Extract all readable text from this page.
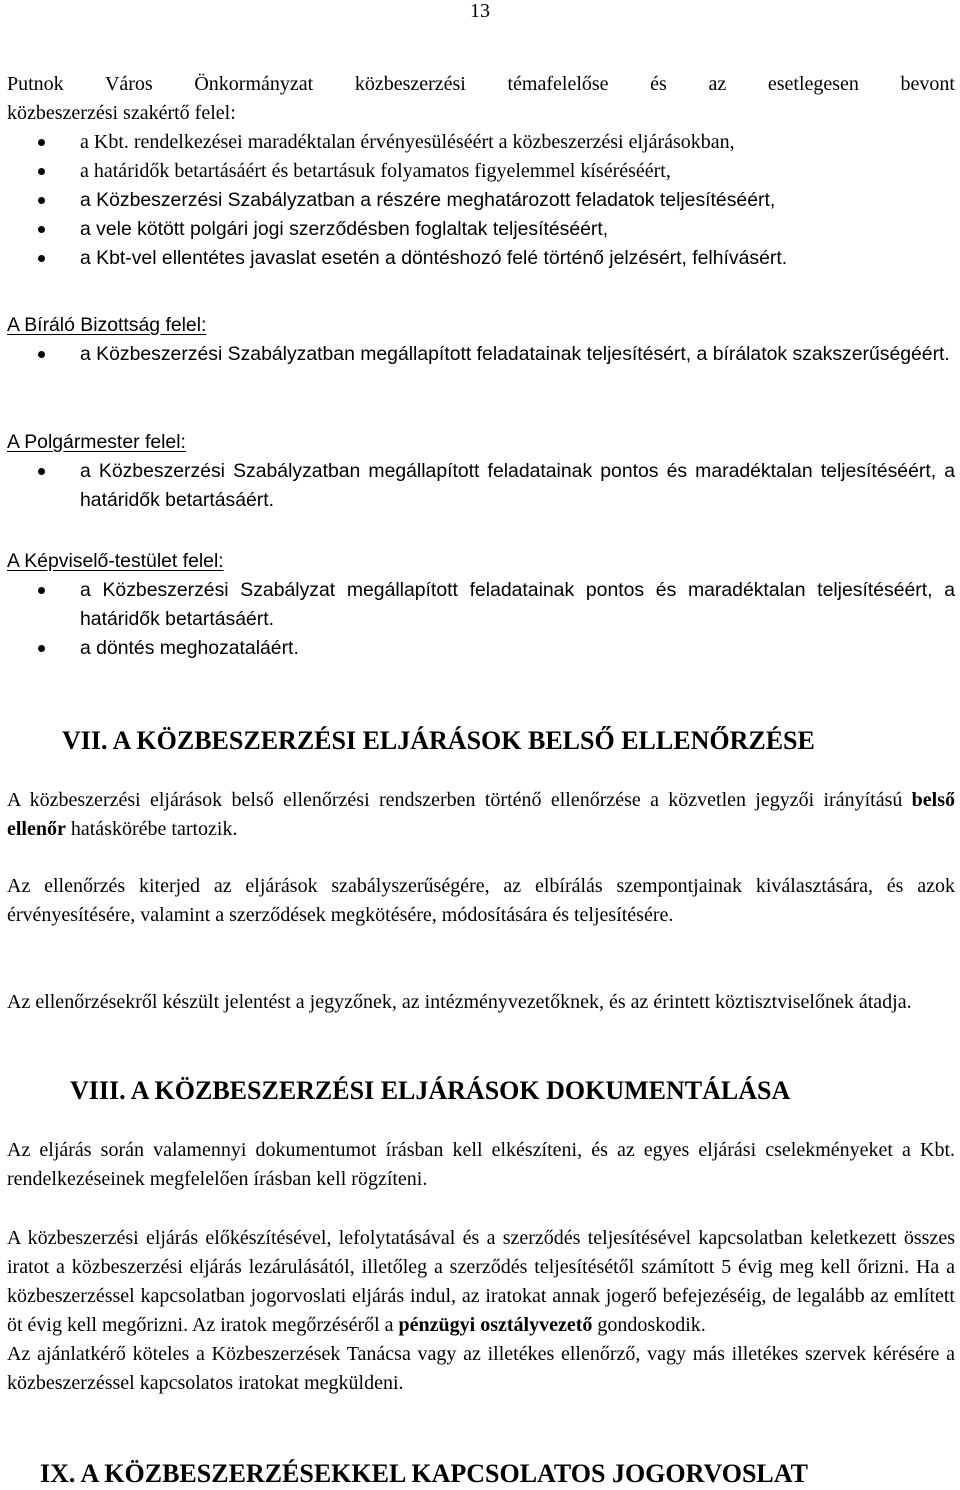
13

Putnok Város Önkormányzat közbeszerzési témafelelőse és az esetlegesen bevont

közbeszerzési szakértő felel:

a Kbt. rendelkezései maradéktalan érvényesüléséért a közbeszerzési eljárásokban,
a határidők betartásáért és betartásuk folyamatos figyelemmel kíséréséért,
a Közbeszerzési Szabályzatban a részére meghatározott feladatok teljesítéséért,
a vele kötött polgári jogi szerződésben foglaltak teljesítéséért,
a Kbt-vel ellentétes javaslat esetén a döntéshozó felé történő jelzésért, felhívásért.

A Bíráló Bizottság felel:

a Közbeszerzési Szabályzatban megállapított feladatainak teljesítésért, a bírálatok szakszerűségéért.

A Polgármester felel:

a Közbeszerzési Szabályzatban megállapított feladatainak pontos és maradéktalan teljesítéséért, a határidők betartásáért.

A Képviselő-testület felel:

a Közbeszerzési Szabályzat megállapított feladatainak pontos és maradéktalan teljesítéséért, a határidők betartásáért.
a döntés meghozataláért.
VII. A KÖZBESZERZÉSI ELJÁRÁSOK BELSŐ ELLENŐRZÉSE

A közbeszerzési eljárások belső ellenőrzési rendszerben történő ellenőrzése a közvetlen jegyzői irányítású belső ellenőr hatáskörébe tartozik.

Az ellenőrzés kiterjed az eljárások szabályszerűségére, az elbírálás szempontjainak kiválasztására, és azok érvényesítésére, valamint a szerződések megkötésére, módosítására és teljesítésére.

Az ellenőrzésekről készült jelentést a jegyzőnek, az intézményvezetőknek, és az érintett köztisztviselőnek átadja.

VIII. A KÖZBESZERZÉSI ELJÁRÁSOK DOKUMENTÁLÁSA

Az eljárás során valamennyi dokumentumot írásban kell elkészíteni, és az egyes eljárási cselekményeket a Kbt. rendelkezéseinek megfelelően írásban kell rögzíteni.

A közbeszerzési eljárás előkészítésével, lefolytatásával és a szerződés teljesítésével kapcsolatban keletkezett összes iratot a közbeszerzési eljárás lezárulásától, illetőleg a szerződés teljesítésétől számított 5 évig meg kell őrizni. Ha a közbeszerzéssel kapcsolatban jogorvoslati eljárás indul, az iratokat annak jogerő befejezéséig, de legalább az említett öt évig kell megőrizni. Az iratok megőrzéséről a pénzügyi osztályvezető gondoskodik.

Az ajánlatkérő köteles a Közbeszerzések Tanácsa vagy az illetékes ellenőrző, vagy más illetékes szervek kérésére a közbeszerzéssel kapcsolatos iratokat megküldeni.

IX. A KÖZBESZERZÉSEKKEL KAPCSOLATOS JOGORVOSLAT
